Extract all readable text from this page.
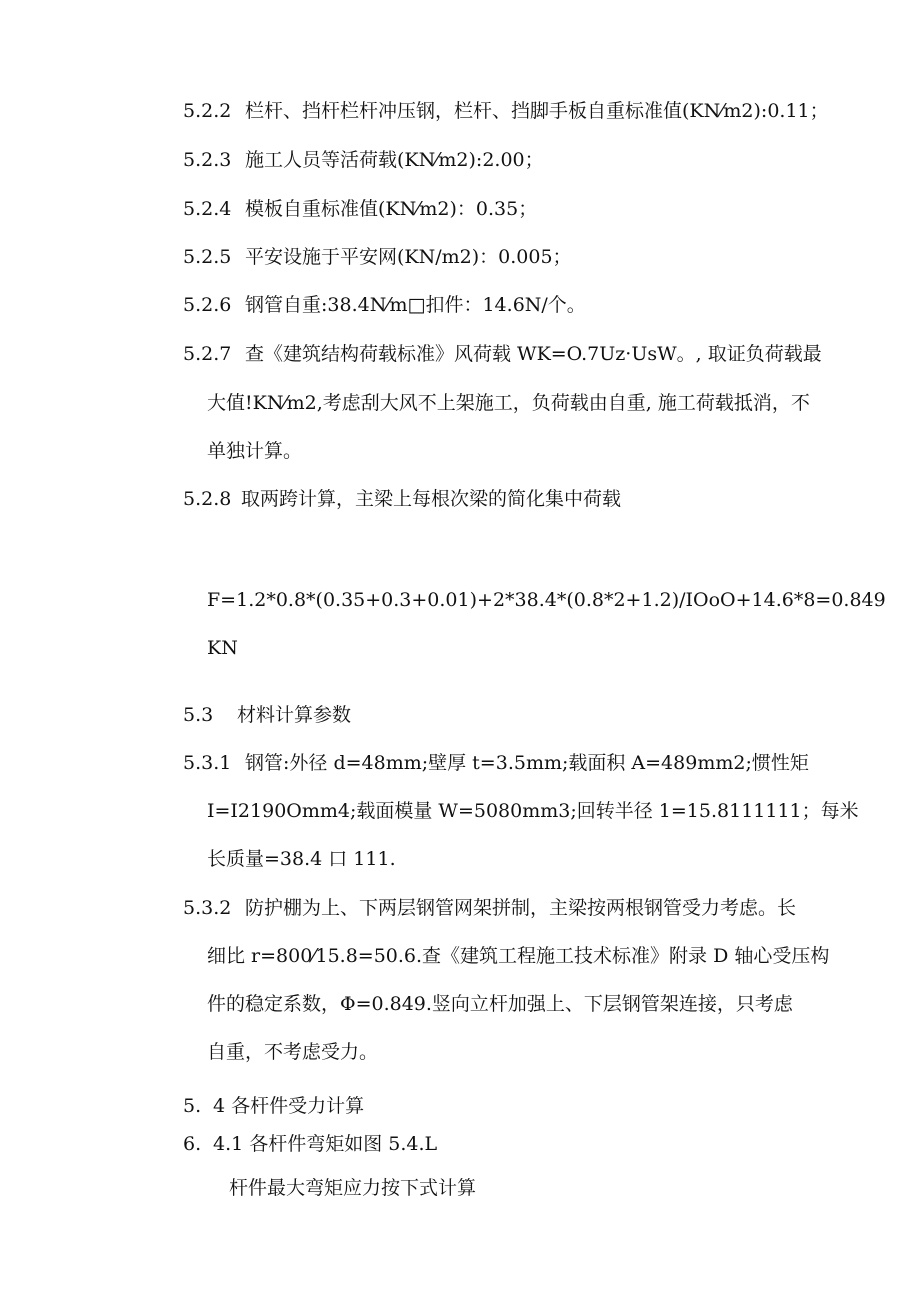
5.2.2 栏杆、挡杆栏杆冲压钢，栏杆、挡脚手板自重标准值(KN⁄m2):0.11；
5.2.3 施工人员等活荷载(KN⁄m2):2.00；
5.2.4 模板自重标准值(KN⁄m2)：0.35；
5.2.5 平安设施于平安网(KN/m2)：0.005；
5.2.6 钢管自重:38.4N⁄m□扣件：14.6N/个。
5.2.7 查《建筑结构荷载标准》风荷载 WK=O.7Uz·UsW。, 取证负荷载最
大值!KN⁄m2,考虑刮大风不上架施工，负荷载由自重, 施工荷载抵消，不
单独计算。
5.2.8 取两跨计算，主梁上每根次梁的简化集中荷载
F=1.2*0.8*(0.35+0.3+0.01)+2*38.4*(0.8*2+1.2)/IOoO+14.6*8=0.849
KN
5.3 材料计算参数
5.3.1 钢管:外径 d=48mm;壁厚 t=3.5mm;载面积 A=489mm2;惯性矩
I=I2190Omm4;载面模量 W=5080mm3;回转半径 1=15.8111111；每米
长质量=38.4 口 111.
5.3.2 防护棚为上、下两层钢管网架拼制，主梁按两根钢管受力考虑。长
细比 r=800⁄15.8=50.6.查《建筑工程施工技术标准》附录 D 轴心受压构
件的稳定系数，Φ=0.849.竖向立杆加强上、下层钢管架连接，只考虑
自重，不考虑受力。
5. 4 各杆件受力计算
6. 4.1 各杆件弯矩如图 5.4.L
杆件最大弯矩应力按下式计算
